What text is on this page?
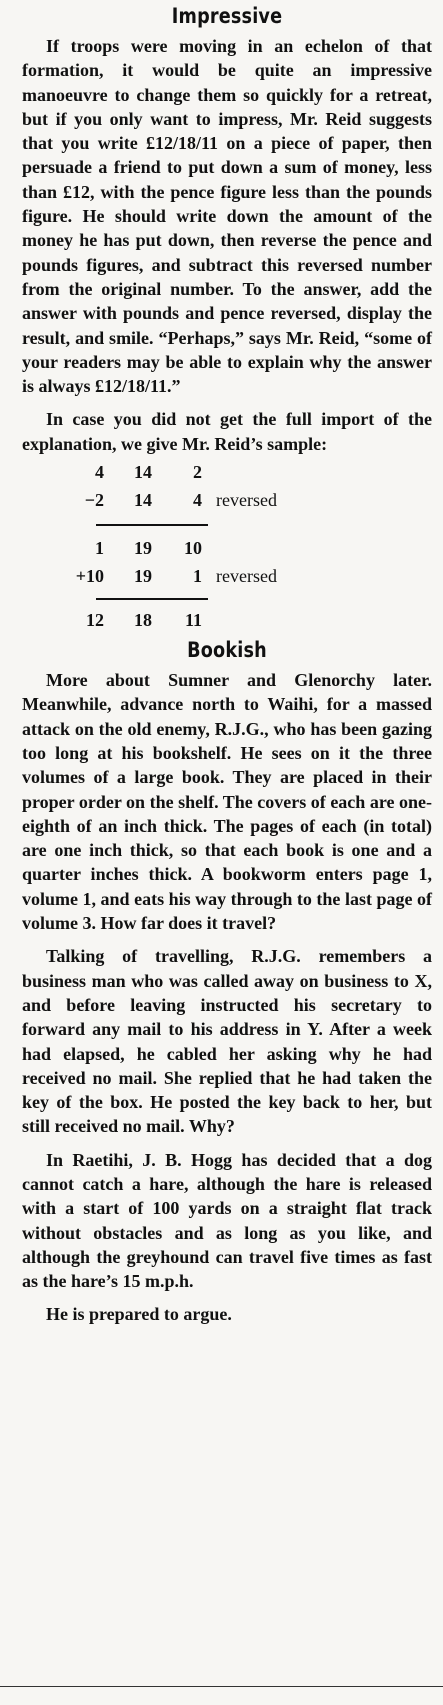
Impressive

If troops were moving in an echelon of that formation, it would be quite an impressive manoeuvre to change them so quickly for a retreat, but if you only want to impress, Mr. Reid suggests that you write £12/18/11 on a piece of paper, then persuade a friend to put down a sum of money, less than £12, with the pence figure less than the pounds figure. He should write down the amount of the money he has put down, then reverse the pence and pounds figures, and subtract this reversed number from the original number. To the answer, add the answer with pounds and pence reversed, display the result, and smile. “Perhaps,” says Mr. Reid, “some of your readers may be able to explain why the answer is always £12/18/11.”

In case you did not get the full import of the explanation, we give Mr. Reid’s sample:

4	14	2
−2	14	4 reversed
1	19	10
+10	19	1 reversed
12	18	11
Bookish

More about Sumner and Glenorchy later. Meanwhile, advance north to Waihi, for a massed attack on the old enemy, R.J.G., who has been gazing too long at his bookshelf. He sees on it the three volumes of a large book. They are placed in their proper order on the shelf. The covers of each are one-eighth of an inch thick. The pages of each (in total) are one inch thick, so that each book is one and a quarter inches thick. A bookworm enters page 1, volume 1, and eats his way through to the last page of volume 3. How far does it travel?

Talking of travelling, R.J.G. remembers a business man who was called away on business to X, and before leaving instructed his secretary to forward any mail to his address in Y. After a week had elapsed, he cabled her asking why he had received no mail. She replied that he had taken the key of the box. He posted the key back to her, but still received no mail. Why?

In Raetihi, J. B. Hogg has decided that a dog cannot catch a hare, although the hare is released with a start of 100 yards on a straight flat track without obstacles and as long as you like, and although the greyhound can travel five times as fast as the hare’s 15 m.p.h.

He is prepared to argue.
